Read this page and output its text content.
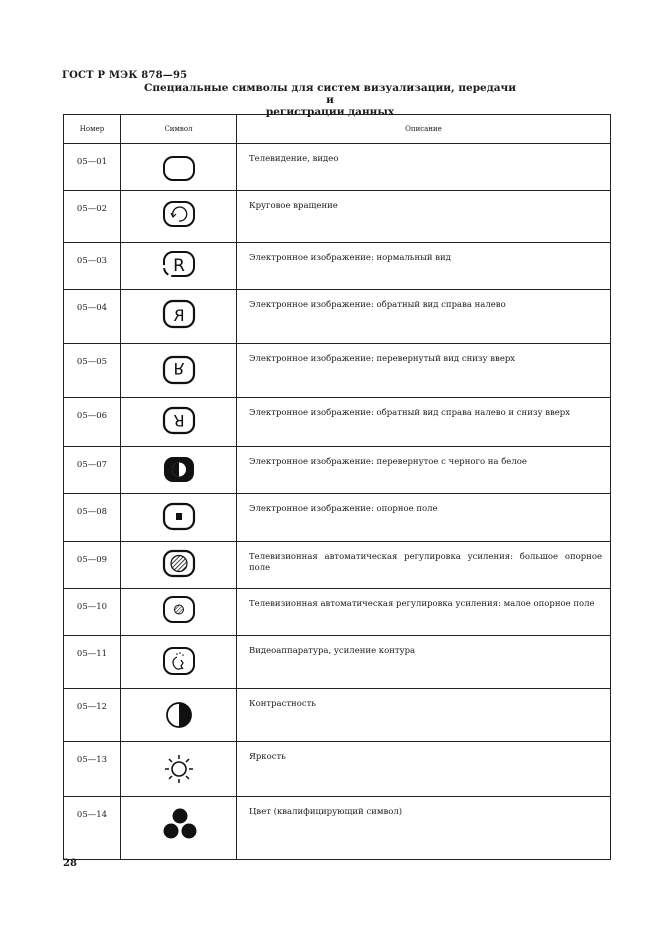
ГОСТ Р МЭК 878—95
Специальные символы для систем визуализации, передачи и
регистрации данных
Номер	Символ	Описание
05—01		Телевидение, видео
05—02		Круговое вращение
05—03	R	Электронное изображение: нормальный вид
05—04	R	Электронное изображение: обратный вид справа налево
05—05	R	Электронное изображение: перевернутый вид снизу вверх
05—06	R	Электронное изображение: обратный вид справа налево и снизу вверх
05—07		Электронное изображение: перевернутое с черного на белое
05—08		Электронное изображение: опорное поле
05—09		Телевизионная автоматическая регулировка усиления: большое опорное поле
05—10		Телевизионная автоматическая регулировка усиления: малое опорное поле
05—11		Видеоаппаратура, усиление контура
05—12		Контрастность
05—13		Яркость
05—14		Цвет (квалифицирующий символ)
28
